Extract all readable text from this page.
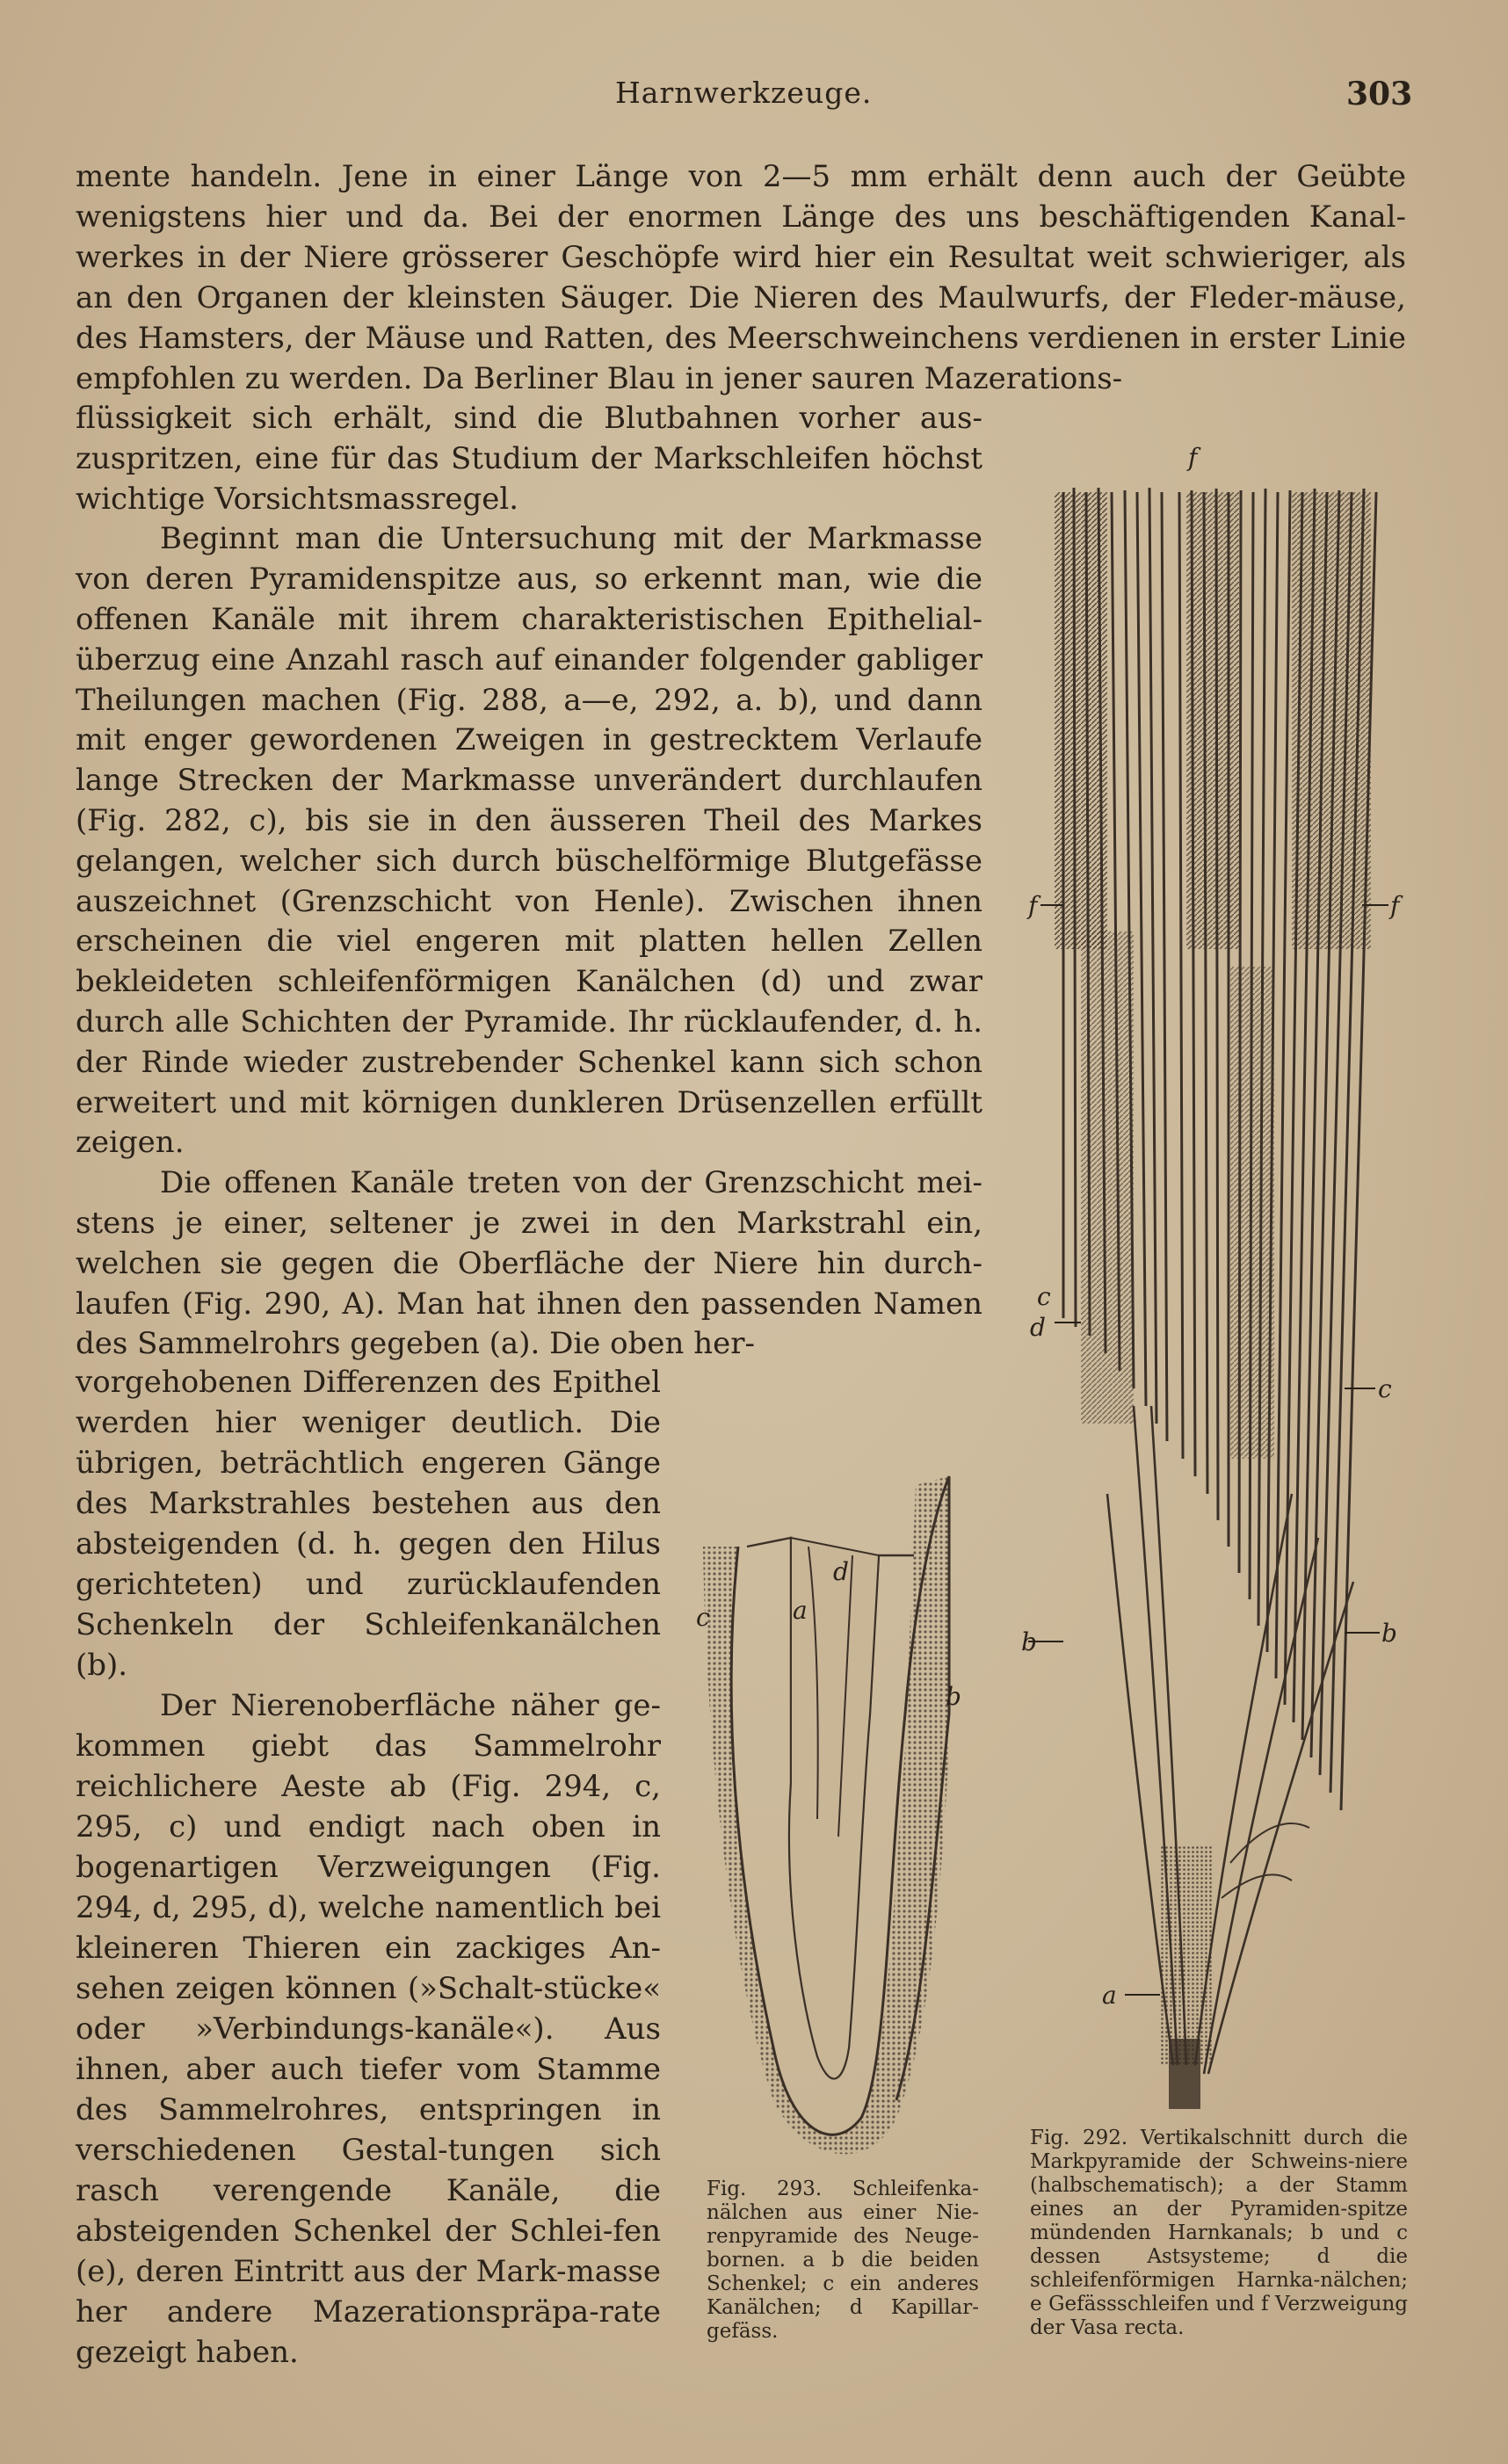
Harnwerkzeuge.	303

mente handeln. Jene in einer Länge von 2—5 mm erhält denn auch der Geübte wenigstens hier und da. Bei der enormen Länge des uns beschäftigenden Kanal-werkes in der Niere grösserer Geschöpfe wird hier ein Resultat weit schwieriger, als an den Organen der kleinsten Säuger. Die Nieren des Maulwurfs, der Fleder-mäuse, des Hamsters, der Mäuse und Ratten, des Meerschweinchens verdienen in erster Linie empfohlen zu werden. Da Berliner Blau in jener sauren Mazerations-

flüssigkeit sich erhält, sind die Blutbahnen vorher aus-zuspritzen, eine für das Studium der Markschleifen höchst wichtige Vorsichtsmassregel.

Beginnt man die Untersuchung mit der Markmasse von deren Pyramidenspitze aus, so erkennt man, wie die offenen Kanäle mit ihrem charakteristischen Epithelial-überzug eine Anzahl rasch auf einander folgender gabliger Theilungen machen (Fig. 288, a—e, 292, a. b), und dann mit enger gewordenen Zweigen in gestrecktem Verlaufe lange Strecken der Markmasse unverändert durchlaufen (Fig. 282, c), bis sie in den äusseren Theil des Markes gelangen, welcher sich durch büschelförmige Blutgefässe auszeichnet (Grenzschicht von Henle). Zwischen ihnen erscheinen die viel engeren mit platten hellen Zellen bekleideten schleifenförmigen Kanälchen (d) und zwar durch alle Schichten der Pyramide. Ihr rücklaufender, d. h. der Rinde wieder zustrebender Schenkel kann sich schon erweitert und mit körnigen dunkleren Drüsenzellen erfüllt zeigen.

Die offenen Kanäle treten von der Grenzschicht mei-stens je einer, seltener je zwei in den Markstrahl ein, welchen sie gegen die Oberfläche der Niere hin durch-laufen (Fig. 290, A). Man hat ihnen den passenden Namen des Sammelrohrs gegeben (a). Die oben her-

vorgehobenen Differenzen des Epithel werden hier weniger deutlich. Die übrigen, beträchtlich engeren Gänge des Markstrahles bestehen aus den absteigenden (d. h. gegen den Hilus gerichteten) und zurücklaufenden Schenkeln der Schleifenkanälchen (b).

Der Nierenoberfläche näher ge-kommen giebt das Sammelrohr reichlichere Aeste ab (Fig. 294, c, 295, c) und endigt nach oben in bogenartigen Verzweigungen (Fig. 294, d, 295, d), welche namentlich bei kleineren Thieren ein zackiges An-sehen zeigen können (»Schalt-stücke« oder »Verbindungs-kanäle«). Aus ihnen, aber auch tiefer vom Stamme des Sammelrohres, entspringen in verschiedenen Gestal-tungen sich rasch verengende Kanäle, die absteigenden Schenkel der Schlei-fen (e), deren Eintritt aus der Mark-masse her andere Mazerationspräpa-rate gezeigt haben.

f
f	f
c
d
c
b	b
a
Fig. 292. Vertikalschnitt durch die Markpyramide der Schweins-niere (halbschematisch); a der Stamm eines an der Pyramiden-spitze mündenden Harnkanals; b und c dessen Astsysteme; d die schleifenförmigen Harnka-nälchen; e Gefässschleifen und f Verzweigung der Vasa recta.
c	a
d
b
Fig. 293. Schleifenka-nälchen aus einer Nie-renpyramide des Neuge-bornen. a b die beiden Schenkel; c ein anderes Kanälchen; d Kapillar-gefäss.
